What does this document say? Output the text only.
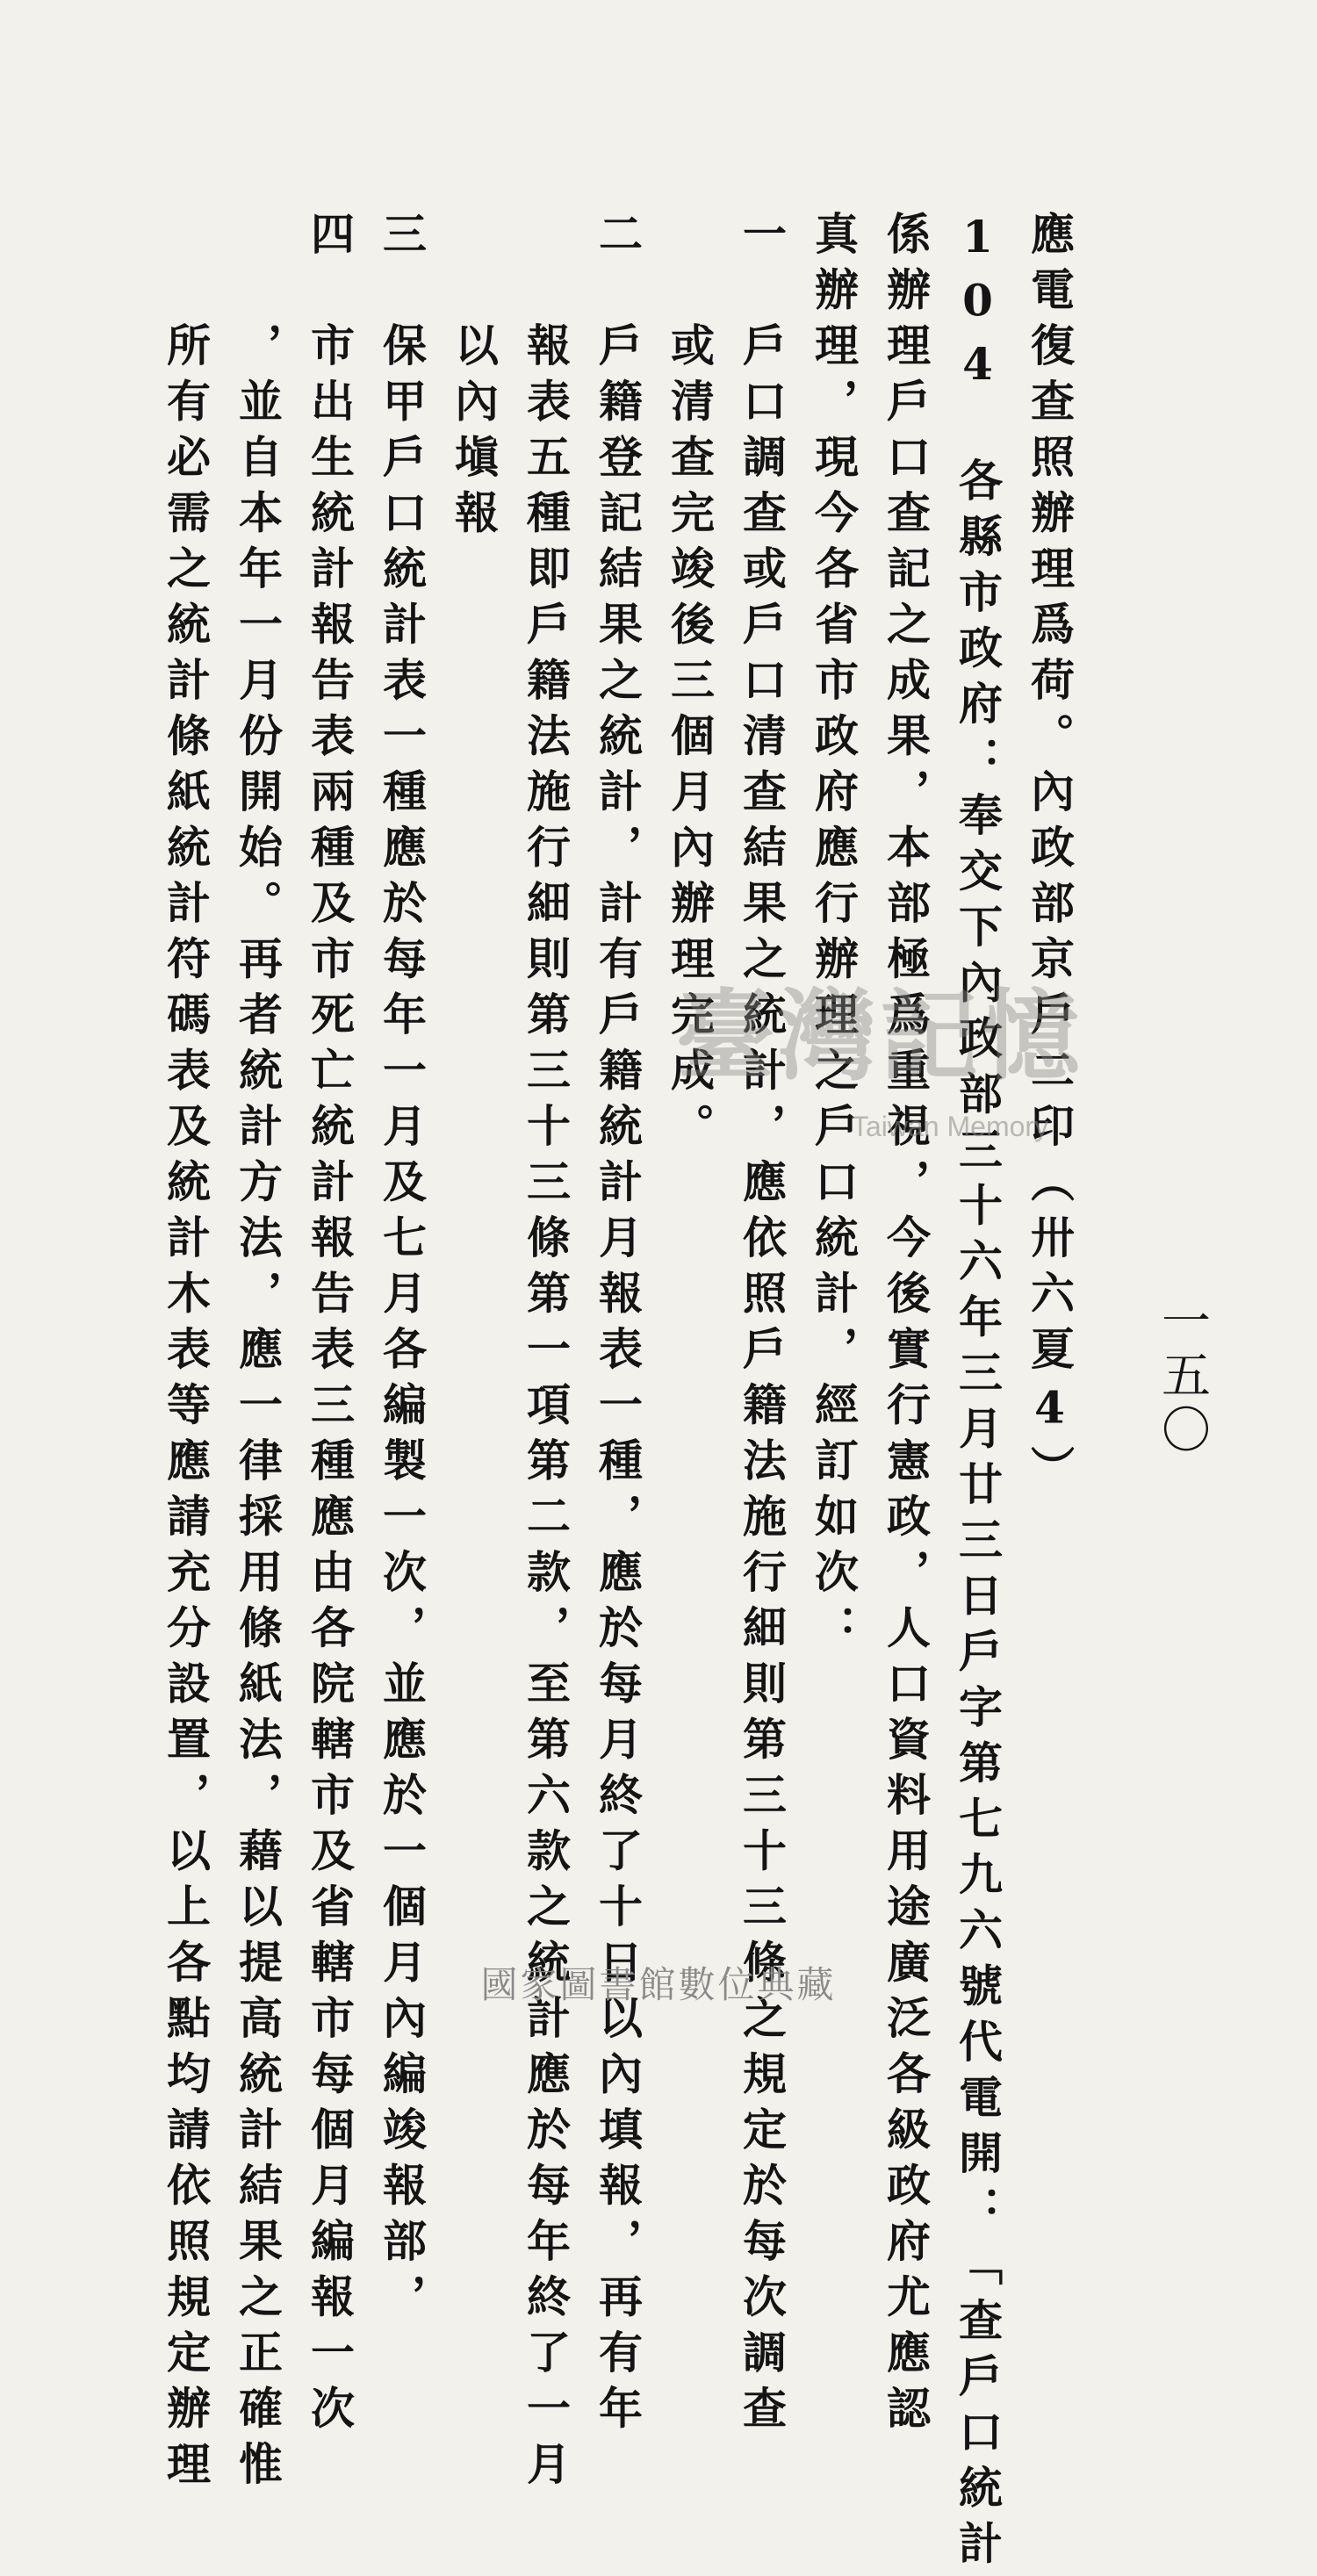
一五〇
應電復查照辦理爲荷。內政部京戶二印（卅六夏4）
104　各縣市政府：奉交下內政部三十六年三月廿三日戶字第七九六號代電開：「查戶口統計
係辦理戶口查記之成果，本部極爲重視，今後實行憲政，人口資料用途廣泛各級政府尤應認
真辦理，現今各省市政府應行辦理之戶口統計，經訂如次：
一　戶口調查或戶口清查結果之統計，應依照戶籍法施行細則第三十三條之規定於每次調查
　　或清查完竣後三個月內辦理完成。
二　戶籍登記結果之統計，計有戶籍統計月報表一種，應於每月終了十日以內填報，再有年
　　報表五種即戶籍法施行細則第三十三條第一項第二款，至第六款之統計應於每年終了一月
　　以內塡報
三　保甲戶口統計表一種應於每年一月及七月各編製一次，並應於一個月內編竣報部，
四　市出生統計報告表兩種及市死亡統計報告表三種應由各院轄市及省轄市每個月編報一次
　　，並自本年一月份開始。再者統計方法，應一律採用條紙法，藉以提高統計結果之正確惟
　　所有必需之統計條紙統計符碼表及統計木表等應請充分設置，以上各點均請依照規定辦理	臺灣記憶
Taiwan Memory
國家圖書館數位典藏
